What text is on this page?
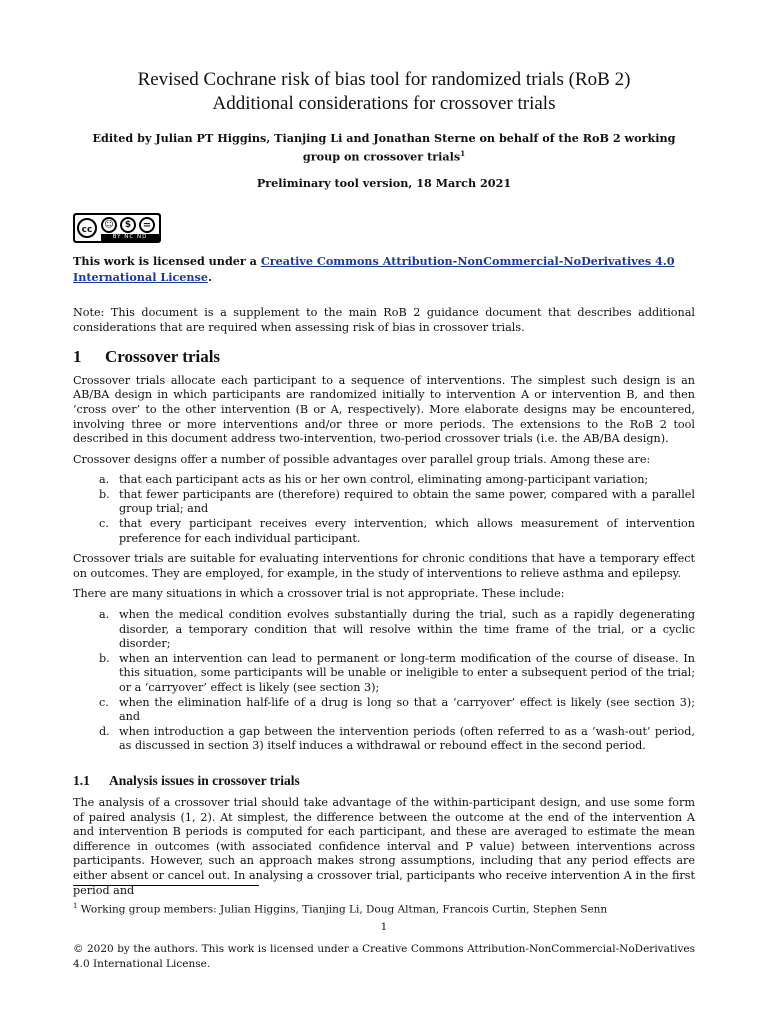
Revised Cochrane risk of bias tool for randomized trials (RoB 2)
Additional considerations for crossover trials
Edited by Julian PT Higgins, Tianjing Li and Jonathan Sterne on behalf of the RoB 2 working group on crossover trials$^1$
Preliminary tool version, 18 March 2021
cc	☺	$	=
BY NC ND
This work is licensed under a Creative Commons Attribution-NonCommercial-NoDerivatives 4.0 International License.
Note: This document is a supplement to the main RoB 2 guidance document that describes additional considerations that are required when assessing risk of bias in crossover trials.
1 Crossover trials

Crossover trials allocate each participant to a sequence of interventions. The simplest such design is an AB/BA design in which participants are randomized initially to intervention A or intervention B, and then ‘cross over’ to the other intervention (B or A, respectively). More elaborate designs may be encountered, involving three or more interventions and/or three or more periods. The extensions to the RoB 2 tool described in this document address two-intervention, two-period crossover trials (i.e. the AB/BA design).

Crossover designs offer a number of possible advantages over parallel group trials. Among these are:

a. that each participant acts as his or her own control, eliminating among-participant variation;
b. that fewer participants are (therefore) required to obtain the same power, compared with a parallel group trial; and
c. that every participant receives every intervention, which allows measurement of intervention preference for each individual participant.

Crossover trials are suitable for evaluating interventions for chronic conditions that have a temporary effect on outcomes. They are employed, for example, in the study of interventions to relieve asthma and epilepsy.

There are many situations in which a crossover trial is not appropriate. These include:

a. when the medical condition evolves substantially during the trial, such as a rapidly degenerating disorder, a temporary condition that will resolve within the time frame of the trial, or a cyclic disorder;
b. when an intervention can lead to permanent or long-term modification of the course of disease. In this situation, some participants will be unable or ineligible to enter a subsequent period of the trial; or a ‘carryover’ effect is likely (see section 3);
c. when the elimination half-life of a drug is long so that a ‘carryover’ effect is likely (see section 3); and
d. when introduction a gap between the intervention periods (often referred to as a ‘wash-out’ period, as discussed in section 3) itself induces a withdrawal or rebound effect in the second period.
1.1 Analysis issues in crossover trials

The analysis of a crossover trial should take advantage of the within-participant design, and use some form of paired analysis (1, 2). At simplest, the difference between the outcome at the end of the intervention A and intervention B periods is computed for each participant, and these are averaged to estimate the mean difference in outcomes (with associated confidence interval and P value) between interventions across participants. However, such an approach makes strong assumptions, including that any period effects are either absent or cancel out. In analysing a crossover trial, participants who receive intervention A in the first period and

$^1$ Working group members: Julian Higgins, Tianjing Li, Doug Altman, Francois Curtin, Stephen Senn
1
© 2020 by the authors. This work is licensed under a Creative Commons Attribution-NonCommercial-NoDerivatives 4.0 International License.
